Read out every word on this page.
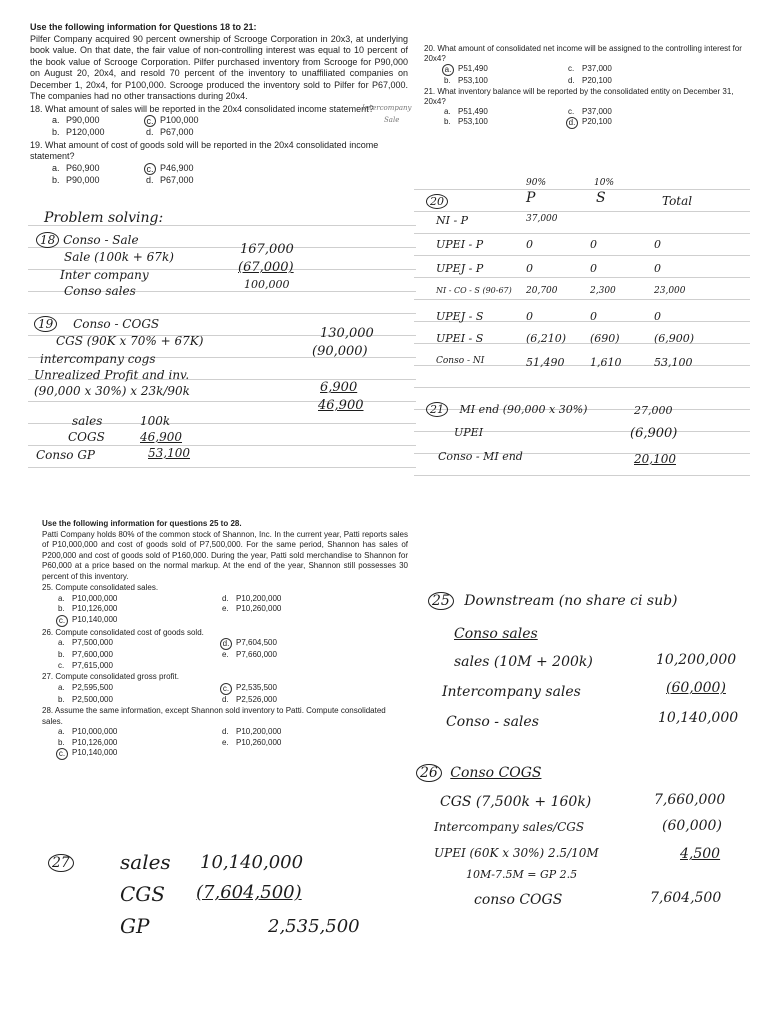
Use the following information for Questions 18 to 21:
Pilfer Company acquired 90 percent ownership of Scrooge Corporation in 20x3, at underlying book value. On that date, the fair value of non-controlling interest was equal to 10 percent of the book value of Scrooge Corporation. Pilfer purchased inventory from Scrooge for P90,000 on August 20, 20x4, and resold 70 percent of the inventory to unaffiliated companies on December 1, 20x4, for P100,000. Scrooge produced the inventory sold to Pilfer for P67,000. The companies had no other transactions during 20x4.
18. What amount of sales will be reported in the 20x4 consolidated income statement?
a. P90,000	c. P100,000
b. P120,000	d. P67,000
19. What amount of cost of goods sold will be reported in the 20x4 consolidated income statement?
a. P60,900	c. P46,900
b. P90,000	d. P67,000
Intercompany
Sale
20. What amount of consolidated net income will be assigned to the controlling interest for 20x4?
a. P51,490	c. P37,000
b. P53,100	d. P20,100
21. What inventory balance will be reported by the consolidated entity on December 31, 20x4?
a. P51,490	c. P37,000
b. P53,100	d. P20,100
Problem solving:
18 Conso - Sale
Sale (100k + 67k)	167,000
Inter company	(67,000)
Conso sales	100,000
19 Conso - COGS
CGS (90K x 70% + 67K)	130,000
intercompany cogs	(90,000)
Unrealized Profit and inv.
(90,000 x 30%) x 23k/90k	6,900
46,900
sales	100k
COGS	46,900
Conso GP	53,100
90%	10%
20	P	S	Total
NI - P	37,000
UPEI - P	0	0	0
UPEJ - P	0	0	0
NI - CO - S (90-67)	20,700	2,300	23,000
UPEJ - S	0	0	0
UPEI - S	(6,210)	(690)	(6,900)
Conso - NI	51,490	1,610	53,100
21 MI end (90,000 x 30%)	27,000
UPEI	(6,900)
Conso - MI end	20,100
Use the following information for questions 25 to 28.
Patti Company holds 80% of the common stock of Shannon, Inc. In the current year, Patti reports sales of P10,000,000 and cost of goods sold of P7,500,000. For the same period, Shannon has sales of P200,000 and cost of goods sold of P160,000. During the year, Patti sold merchandise to Shannon for P60,000 at a price based on the normal markup. At the end of the year, Shannon still possesses 30 percent of this inventory.
25. Compute consolidated sales.
a. P10,000,000	d. P10,200,000
b. P10,126,000	e. P10,260,000
c. P10,140,000
26. Compute consolidated cost of goods sold.
a. P7,500,000	d. P7,604,500
b. P7,600,000	e. P7,660,000
c. P7,615,000
27. Compute consolidated gross profit.
a. P2,595,500	c. P2,535,500
b. P2,500,000	d. P2,526,000
28. Assume the same information, except Shannon sold inventory to Patti. Compute consolidated sales.
a. P10,000,000	d. P10,200,000
b. P10,126,000	e. P10,260,000
c. P10,140,000
27	sales 10,140,000
CGS (7,604,500)
GP	2,535,500
25 Downstream (no share ci sub)
Conso sales
sales (10M + 200k)	10,200,000
Intercompany sales	(60,000)
Conso - sales	10,140,000
26 Conso COGS
CGS (7,500k + 160k)	7,660,000
Intercompany sales/CGS	(60,000)
UPEI (60K x 30%) 2.5/10M	4,500
10M-7.5M = GP 2.5
conso COGS	7,604,500
